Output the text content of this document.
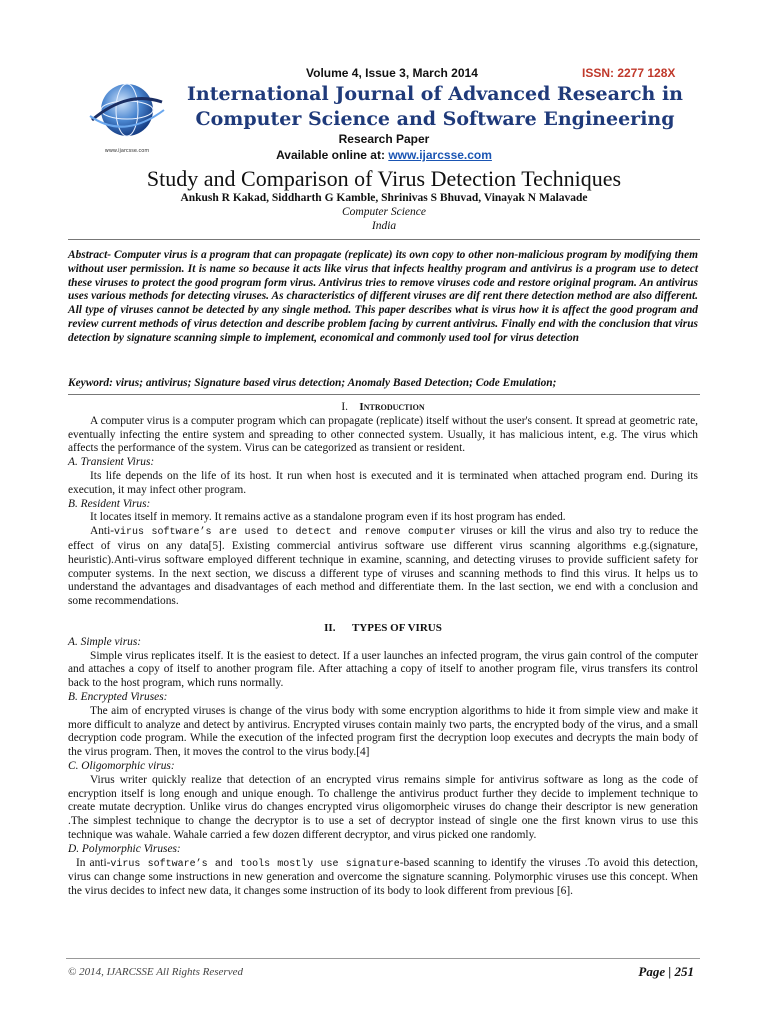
www.ijarcsse.com
Volume 4, Issue 3, March 2014	ISSN: 2277 128X
International Journal of Advanced Research in
Computer Science and Software Engineering
Research Paper
Available online at: www.ijarcsse.com
Study and Comparison of Virus Detection Techniques
Ankush R Kakad, Siddharth G Kamble, Shrinivas S Bhuvad, Vinayak N Malavade
Computer Science
India
Abstract- Computer virus is a program that can propagate (replicate) its own copy to other non-malicious program by modifying them without user permission. It is name so because it acts like virus that infects healthy program and antivirus is a program use to detect these viruses to protect the good program form virus. Antivirus tries to remove viruses code and restore original program. An antivirus uses various methods for detecting viruses. As characteristics of different viruses are dif rent there detection method are also different. All type of viruses cannot be detected by any single method. This paper describes what is virus how it is affect the good program and review current methods of virus detection and describe problem facing by current antivirus. Finally end with the conclusion that virus detection by signature scanning simple to implement, economical and commonly used tool for virus detection
Keyword: virus; antivirus; Signature based virus detection; Anomaly Based Detection; Code Emulation;

I. Introduction

A computer virus is a computer program which can propagate (replicate) itself without the user's consent. It spread at geometric rate, eventually infecting the entire system and spreading to other connected system. Usually, it has malicious intent, e.g. The virus which affects the performance of the system. Virus can be categorized as transient or resident.

A. Transient Virus:

Its life depends on the life of its host. It run when host is executed and it is terminated when attached program end. During its execution, it may infect other program.

B. Resident Virus:

It locates itself in memory. It remains active as a standalone program even if its host program has ended.

Anti-virus software’s are used to detect and remove computer viruses or kill the virus and also try to reduce the effect of virus on any data[5]. Existing commercial antivirus software use different virus scanning algorithms e.g.(signature, heuristic).Anti-virus software employed different technique in examine, scanning, and detecting viruses to provide sufficient safety for computer systems. In the next section, we discuss a different type of viruses and scanning methods to find this virus. It helps us to understand the advantages and disadvantages of each method and differentiate them. In the last section, we end with a conclusion and some recommendations.

II. TYPES OF VIRUS

A. Simple virus:

Simple virus replicates itself. It is the easiest to detect. If a user launches an infected program, the virus gain control of the computer and attaches a copy of itself to another program file. After attaching a copy of itself to another program file, virus transfers its control back to the host program, which runs normally.

B. Encrypted Viruses:

The aim of encrypted viruses is change of the virus body with some encryption algorithms to hide it from simple view and make it more difficult to analyze and detect by antivirus. Encrypted viruses contain mainly two parts, the encrypted body of the virus, and a small decryption code program. While the execution of the infected program first the decryption loop executes and decrypts the main body of the virus program. Then, it moves the control to the virus body.[4]

C. Oligomorphic virus:

Virus writer quickly realize that detection of an encrypted virus remains simple for antivirus software as long as the code of encryption itself is long enough and unique enough. To challenge the antivirus product further they decide to implement technique to create mutate decryption. Unlike virus do changes encrypted virus oligomorpheic viruses do change their descriptor is new generation .The simplest technique to change the decryptor is to use a set of decryptor instead of single one the first known virus to use this technique was wahale. Wahale carried a few dozen different decryptor, and virus picked one randomly.

D. Polymorphic Viruses:

In anti-virus software’s and tools mostly use signature-based scanning to identify the viruses .To avoid this detection, virus can change some instructions in new generation and overcome the signature scanning. Polymorphic viruses use this concept. When the virus decides to infect new data, it changes some instruction of its body to look different from previous [6].

© 2014, IJARCSSE All Rights Reserved	Page | 251
